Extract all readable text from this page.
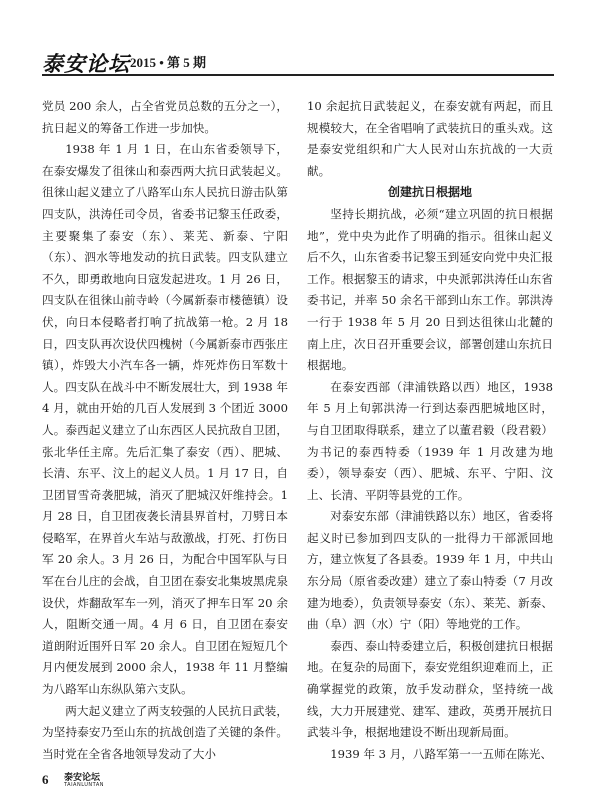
泰安论坛 2015 • 第 5 期

党员 200 余人，占全省党员总数的五分之一），抗日起义的筹备工作进一步加快。

1938 年 1 月 1 日，在山东省委领导下，在泰安爆发了徂徕山和泰西两大抗日武装起义。徂徕山起义建立了八路军山东人民抗日游击队第四支队，洪涛任司令员，省委书记黎玉任政委，主要聚集了泰安（东）、莱芜、新泰、宁阳（东）、泗水等地发动的抗日武装。四支队建立不久，即勇敢地向日寇发起进攻。1 月 26 日，四支队在徂徕山前寺岭（今属新泰市楼德镇）设伏，向日本侵略者打响了抗战第一枪。2 月 18 日，四支队再次设伏四槐树（今属新泰市西张庄镇），炸毁大小汽车各一辆，炸死炸伤日军数十人。四支队在战斗中不断发展壮大，到 1938 年 4 月，就由开始的几百人发展到 3 个团近 3000 人。泰西起义建立了山东西区人民抗敌自卫团，张北华任主席。先后汇集了泰安（西）、肥城、长清、东平、汶上的起义人员。1 月 17 日，自卫团冒雪奇袭肥城，消灭了肥城汉奸维持会。1 月 28 日，自卫团夜袭长清县界首村，刀劈日本侵略军，在界首火车站与敌激战，打死、打伤日军 20 余人。3 月 26 日，为配合中国军队与日军在台儿庄的会战，自卫团在泰安北集坡黑虎泉设伏，炸翻敌军车一列，消灭了押车日军 20 余人，阻断交通一周。4 月 6 日，自卫团在泰安道朗附近围歼日军 20 余人。自卫团在短短几个月内便发展到 2000 余人，1938 年 11 月整编为八路军山东纵队第六支队。

两大起义建立了两支较强的人民抗日武装，为坚持泰安乃至山东的抗战创造了关键的条件。当时党在全省各地领导发动了大小

10 余起抗日武装起义，在泰安就有两起，而且规模较大，在全省唱响了武装抗日的重头戏。这是泰安党组织和广大人民对山东抗战的一大贡献。

创建抗日根据地

坚持长期抗战，必须“建立巩固的抗日根据地”，党中央为此作了明确的指示。徂徕山起义后不久，山东省委书记黎玉到延安向党中央汇报工作。根据黎玉的请求，中央派郭洪涛任山东省委书记，并率 50 余名干部到山东工作。郭洪涛一行于 1938 年 5 月 20 日到达徂徕山北麓的南上庄，次日召开重要会议，部署创建山东抗日根据地。

在泰安西部（津浦铁路以西）地区，1938 年 5 月上旬郭洪涛一行到达泰西肥城地区时，与自卫团取得联系，建立了以董君毅（段君毅）为书记的泰西特委（1939 年 1 月改建为地委），领导泰安（西）、肥城、东平、宁阳、汶上、长清、平阴等县党的工作。

对泰安东部（津浦铁路以东）地区，省委将起义时已参加到四支队的一批得力干部派回地方，建立恢复了各县委。1939 年 1 月，中共山东分局（原省委改建）建立了泰山特委（7 月改建为地委），负责领导泰安（东）、莱芜、新泰、曲（阜）泗（水）宁（阳）等地党的工作。

泰西、泰山特委建立后，积极创建抗日根据地。在复杂的局面下，泰安党组织迎难而上，正确掌握党的政策，放手发动群众，坚持统一战线，大力开展建党、建军、建政，英勇开展抗日武装斗争，根据地建设不断出现新局面。

1939 年 3 月，八路军第一一五师在陈光、

6 泰安论坛
TAIANLUNTAN
